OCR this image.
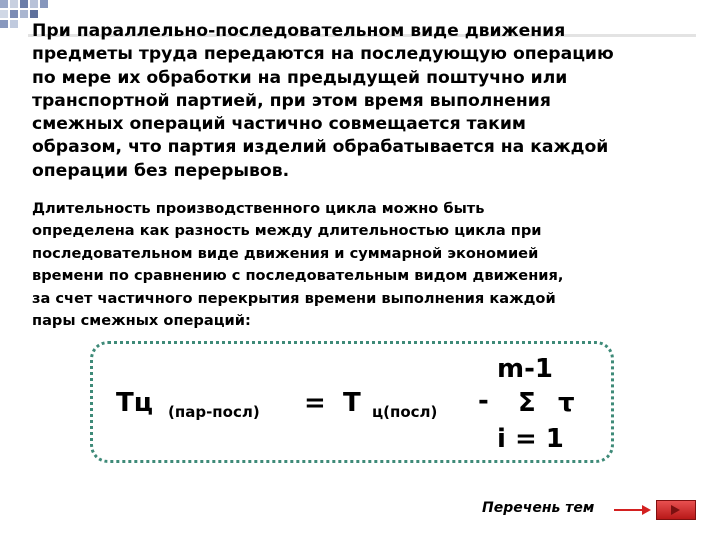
При параллельно-последовательном виде движения
предметы труда передаются на последующую операцию
по мере их обработки на предыдущей поштучно или
транспортной партией, при этом время выполнения
смежных операций частично совмещается таким
образом, что партия изделий обрабатывается на каждой
операции без перерывов.
Длительность производственного цикла можно быть
определена как разность между длительностью цикла при
последовательном виде движения и суммарной экономией
времени по сравнению с последовательным видом движения,
за счет частичного перекрытия времени выполнения каждой
пары смежных операций:
Тц (пар-посл) = Т ц(посл) -
m-1
Σ τ
i = 1
Перечень тем
